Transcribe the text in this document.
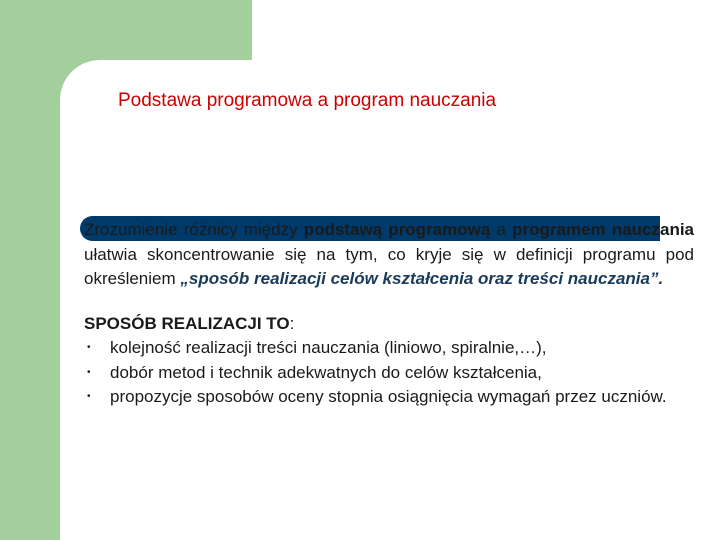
Podstawa programowa a program nauczania

Zrozumienie różnicy między podstawą programową a programem nauczania ułatwia skoncentrowanie się na tym, co kryje się w definicji programu pod określeniem „sposób realizacji celów kształcenia oraz treści nauczania”.

SPOSÓB REALIZACJI TO:
• kolejność realizacji treści nauczania (liniowo, spiralnie,…),
• dobór metod i technik adekwatnych do celów kształcenia,
• propozycje sposobów oceny stopnia osiągnięcia wymagań przez uczniów.
